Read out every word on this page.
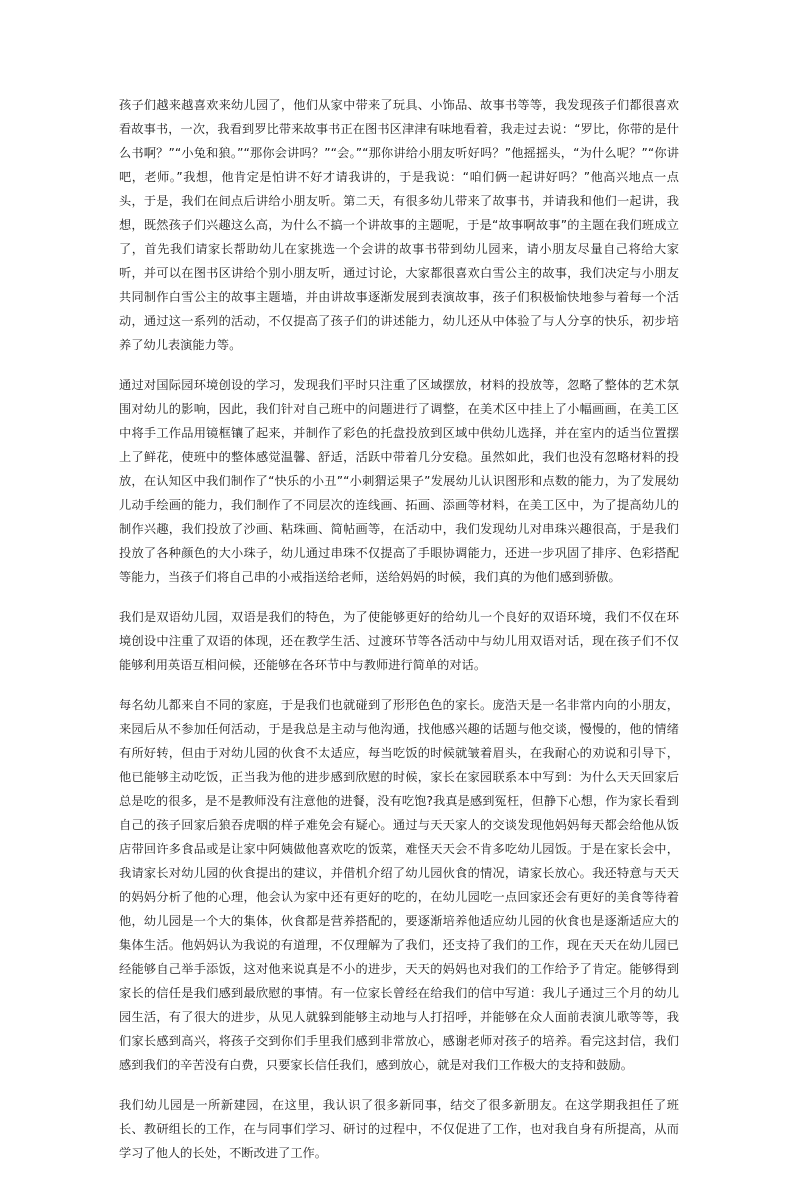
孩子们越来越喜欢来幼儿园了，他们从家中带来了玩具、小饰品、故事书等等，我发现孩子们都很喜欢看故事书，一次，我看到罗比带来故事书正在图书区津津有味地看着，我走过去说：“罗比，你带的是什么书啊？”“小兔和狼。”“那你会讲吗？”“会。”“那你讲给小朋友听好吗？”他摇摇头，“为什么呢？”“你讲吧，老师。”我想，他肯定是怕讲不好才请我讲的，于是我说：“咱们俩一起讲好吗？”他高兴地点一点头，于是，我们在间点后讲给小朋友听。第二天，有很多幼儿带来了故事书，并请我和他们一起讲，我想，既然孩子们兴趣这么高，为什么不搞一个讲故事的主题呢，于是“故事啊故事”的主题在我们班成立了，首先我们请家长帮助幼儿在家挑选一个会讲的故事书带到幼儿园来，请小朋友尽量自己将给大家听，并可以在图书区讲给个别小朋友听，通过讨论，大家都很喜欢白雪公主的故事，我们决定与小朋友共同制作白雪公主的故事主题墙，并由讲故事逐渐发展到表演故事，孩子们积极愉快地参与着每一个活动，通过这一系列的活动，不仅提高了孩子们的讲述能力，幼儿还从中体验了与人分享的快乐，初步培养了幼儿表演能力等。

通过对国际园环境创设的学习，发现我们平时只注重了区域摆放，材料的投放等，忽略了整体的艺术氛围对幼儿的影响，因此，我们针对自己班中的问题进行了调整，在美术区中挂上了小幅画画，在美工区中将手工作品用镜框镶了起来，并制作了彩色的托盘投放到区域中供幼儿选择，并在室内的适当位置摆上了鲜花，使班中的整体感觉温馨、舒适，活跃中带着几分安稳。虽然如此，我们也没有忽略材料的投放，在认知区中我们制作了“快乐的小丑”“小刺猬运果子”发展幼儿认识图形和点数的能力，为了发展幼儿动手绘画的能力，我们制作了不同层次的连线画、拓画、添画等材料，在美工区中，为了提高幼儿的制作兴趣，我们投放了沙画、粘珠画、简帖画等，在活动中，我们发现幼儿对串珠兴趣很高，于是我们投放了各种颜色的大小珠子，幼儿通过串珠不仅提高了手眼协调能力，还进一步巩固了排序、色彩搭配等能力，当孩子们将自己串的小戒指送给老师，送给妈妈的时候，我们真的为他们感到骄傲。

我们是双语幼儿园，双语是我们的特色，为了使能够更好的给幼儿一个良好的双语环境，我们不仅在环境创设中注重了双语的体现，还在教学生活、过渡环节等各活动中与幼儿用双语对话，现在孩子们不仅能够利用英语互相问候，还能够在各环节中与教师进行简单的对话。

每名幼儿都来自不同的家庭，于是我们也就碰到了形形色色的家长。庞浩天是一名非常内向的小朋友，来园后从不参加任何活动，于是我总是主动与他沟通，找他感兴趣的话题与他交谈，慢慢的，他的情绪有所好转，但由于对幼儿园的伙食不太适应，每当吃饭的时候就皱着眉头，在我耐心的劝说和引导下，他已能够主动吃饭，正当我为他的进步感到欣慰的时候，家长在家园联系本中写到：为什么天天回家后总是吃的很多，是不是教师没有注意他的进餐，没有吃饱?我真是感到冤枉，但静下心想，作为家长看到自己的孩子回家后狼吞虎咽的样子难免会有疑心。通过与天天家人的交谈发现他妈妈每天都会给他从饭店带回许多食品或是让家中阿姨做他喜欢吃的饭菜，难怪天天会不肯多吃幼儿园饭。于是在家长会中，我请家长对幼儿园的伙食提出的建议，并借机介绍了幼儿园伙食的情况，请家长放心。我还特意与天天的妈妈分析了他的心理，他会认为家中还有更好的吃的，在幼儿园吃一点回家还会有更好的美食等待着他，幼儿园是一个大的集体，伙食都是营养搭配的，要逐渐培养他适应幼儿园的伙食也是逐渐适应大的集体生活。他妈妈认为我说的有道理，不仅理解为了我们，还支持了我们的工作，现在天天在幼儿园已经能够自己举手添饭，这对他来说真是不小的进步，天天的妈妈也对我们的工作给予了肯定。能够得到家长的信任是我们感到最欣慰的事情。有一位家长曾经在给我们的信中写道：我儿子通过三个月的幼儿园生活，有了很大的进步，从见人就躲到能够主动地与人打招呼，并能够在众人面前表演儿歌等等，我们家长感到高兴，将孩子交到你们手里我们感到非常放心，感谢老师对孩子的培养。看完这封信，我们感到我们的辛苦没有白费，只要家长信任我们，感到放心，就是对我们工作极大的支持和鼓励。

我们幼儿园是一所新建园，在这里，我认识了很多新同事，结交了很多新朋友。在这学期我担任了班长、教研组长的工作，在与同事们学习、研讨的过程中，不仅促进了工作，也对我自身有所提高，从而学习了他人的长处，不断改进了工作。
